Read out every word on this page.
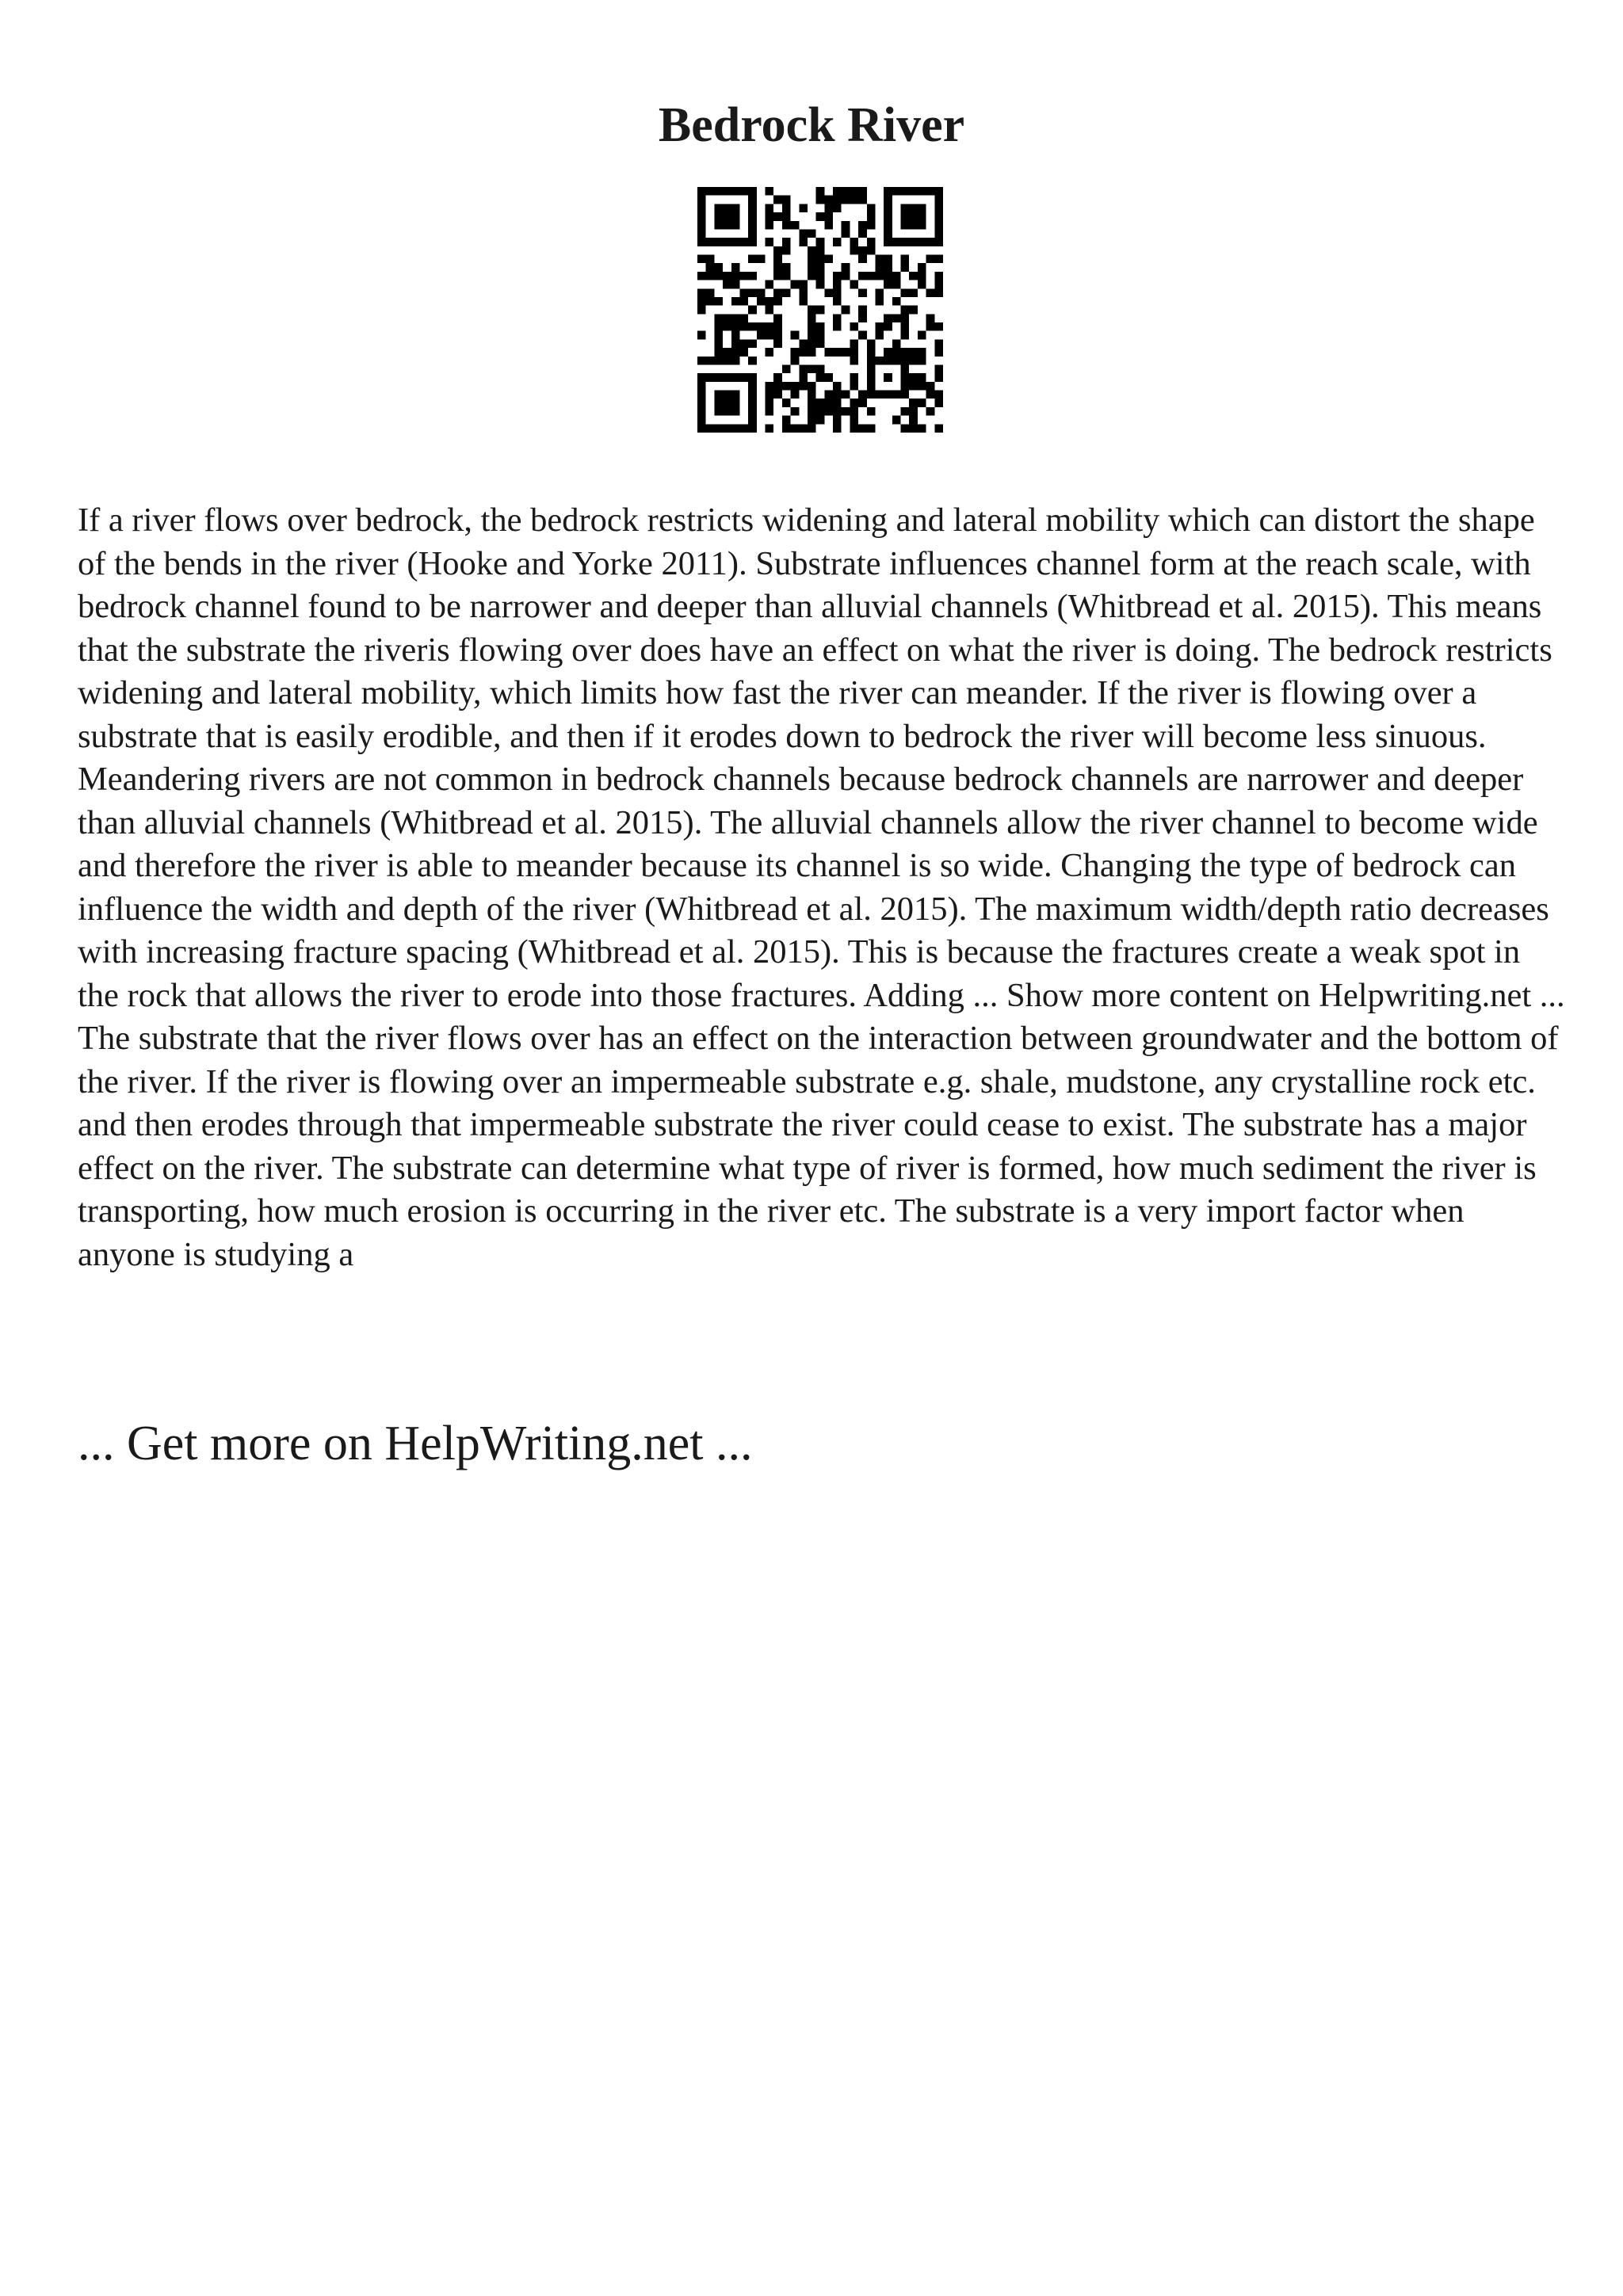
Bedrock River

If a river flows over bedrock, the bedrock restricts widening and lateral mobility which can distort the shape of the bends in the river (Hooke and Yorke 2011). Substrate influences channel form at the reach scale, with bedrock channel found to be narrower and deeper than alluvial channels (Whitbread et al. 2015). This means that the substrate the riveris flowing over does have an effect on what the river is doing. The bedrock restricts widening and lateral mobility, which limits how fast the river can meander. If the river is flowing over a substrate that is easily erodible, and then if it erodes down to bedrock the river will become less sinuous.

Meandering rivers are not common in bedrock channels because bedrock channels are narrower and deeper than alluvial channels (Whitbread et al. 2015). The alluvial channels allow the river channel to become wide and therefore the river is able to meander because its channel is so wide. Changing the type of bedrock can influence the width and depth of the river (Whitbread et al. 2015). The maximum width/depth ratio decreases with increasing fracture spacing (Whitbread et al. 2015). This is because the fractures create a weak spot in the rock that allows the river to erode into those fractures. Adding ... Show more content on Helpwriting.net ...

The substrate that the river flows over has an effect on the interaction between groundwater and the bottom of the river. If the river is flowing over an impermeable substrate e.g. shale, mudstone, any crystalline rock etc. and then erodes through that impermeable substrate the river could cease to exist. The substrate has a major effect on the river. The substrate can determine what type of river is formed, how much sediment the river is transporting, how much erosion is occurring in the river etc. The substrate is a very import factor when anyone is studying a

... Get more on HelpWriting.net ...
